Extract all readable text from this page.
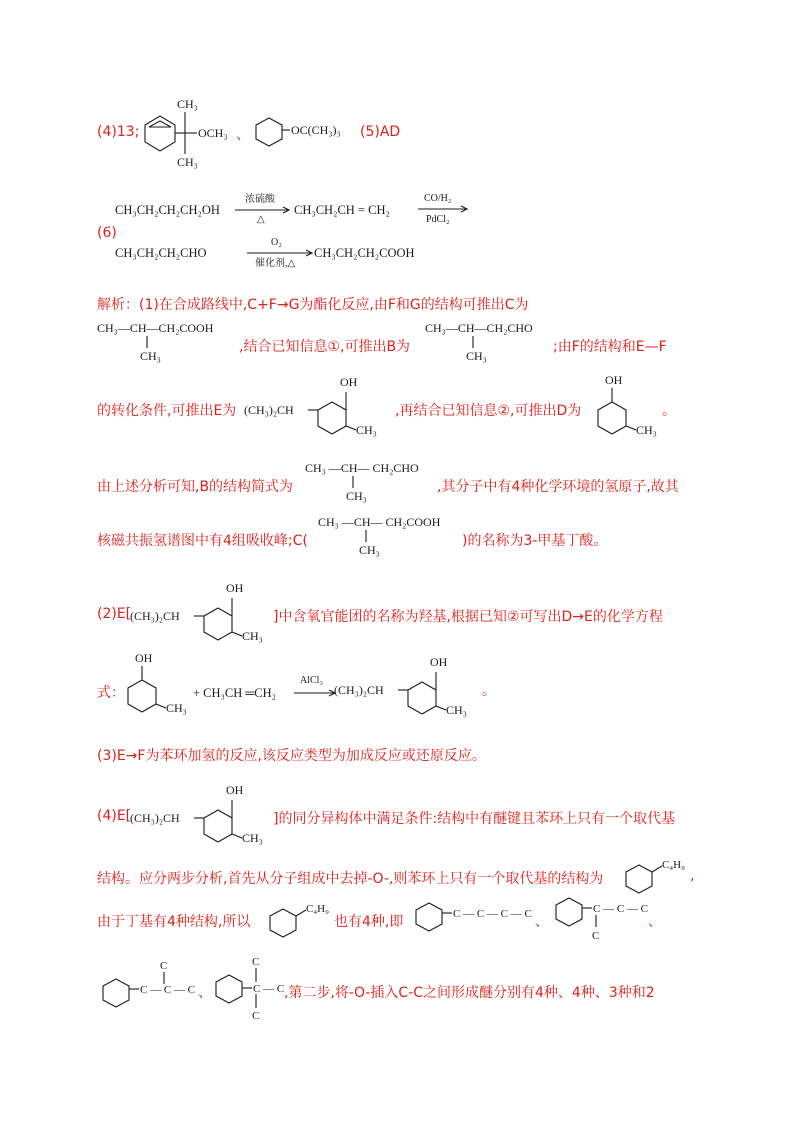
(4)13;
CH₃
OCH₃
CH₃
、	OC(CH₃)₃ (5)AD
(6)
CH₃CH₂CH₂CH₂OH
浓硫酸
△
CH₃CH₂CH = CH₂
CO/H₂
PdCl₂
CH₃CH₂CH₂CHO
O₂
催化剂,△
CH₃CH₂CH₂COOH
解析：(1)在合成路线中,C+F→G为酯化反应,由F和G的结构可推出C为
CH₃—CH—CH₂COOH
CH₃
,结合已知信息①,可推出B为
CH₃—CH—CH₂CHO
CH₃
;由F的结构和E—F
的转化条件,可推出E为 (CH₃)₂CH
OH
CH₃
,再结合已知信息②,可推出D为
OH
CH₃
。
由上述分析可知,B的结构简式为
CH₃ —CH— CH₂CHO
CH₃
,其分子中有4种化学环境的氢原子,故其
核磁共振氢谱图中有4组吸收峰;C(
CH₃ —CH— CH₂COOH
CH₃
)的名称为3-甲基丁酸。
(2)E[
(CH₃)₂CH
OH
CH₃
]中含氧官能团的名称为羟基,根据已知②可写出D→E的化学方程
式：
OH
CH₃
+ CH₃CH ═CH₂
AlCl₃
(CH₃)₂CH
OH
CH₃
。
(3)E→F为苯环加氢的反应,该反应类型为加成反应或还原反应。
(4)E[
(CH₃)₂CH
OH
CH₃
]的同分异构体中满足条件:结构中有醚键且苯环上只有一个取代基
结构。应分两步分析,首先从分子组成中去掉-O-,则苯环上只有一个取代基的结构为
C₄H₉
,
由于丁基有4种结构,所以
C₄H₉
也有4种,即	C — C — C — C 、
C — C — C
C
、
C — C — C
C
、	C — C
C
C
,第二步,将-O-插入C-C之间形成醚分别有4种、4种、3种和2
